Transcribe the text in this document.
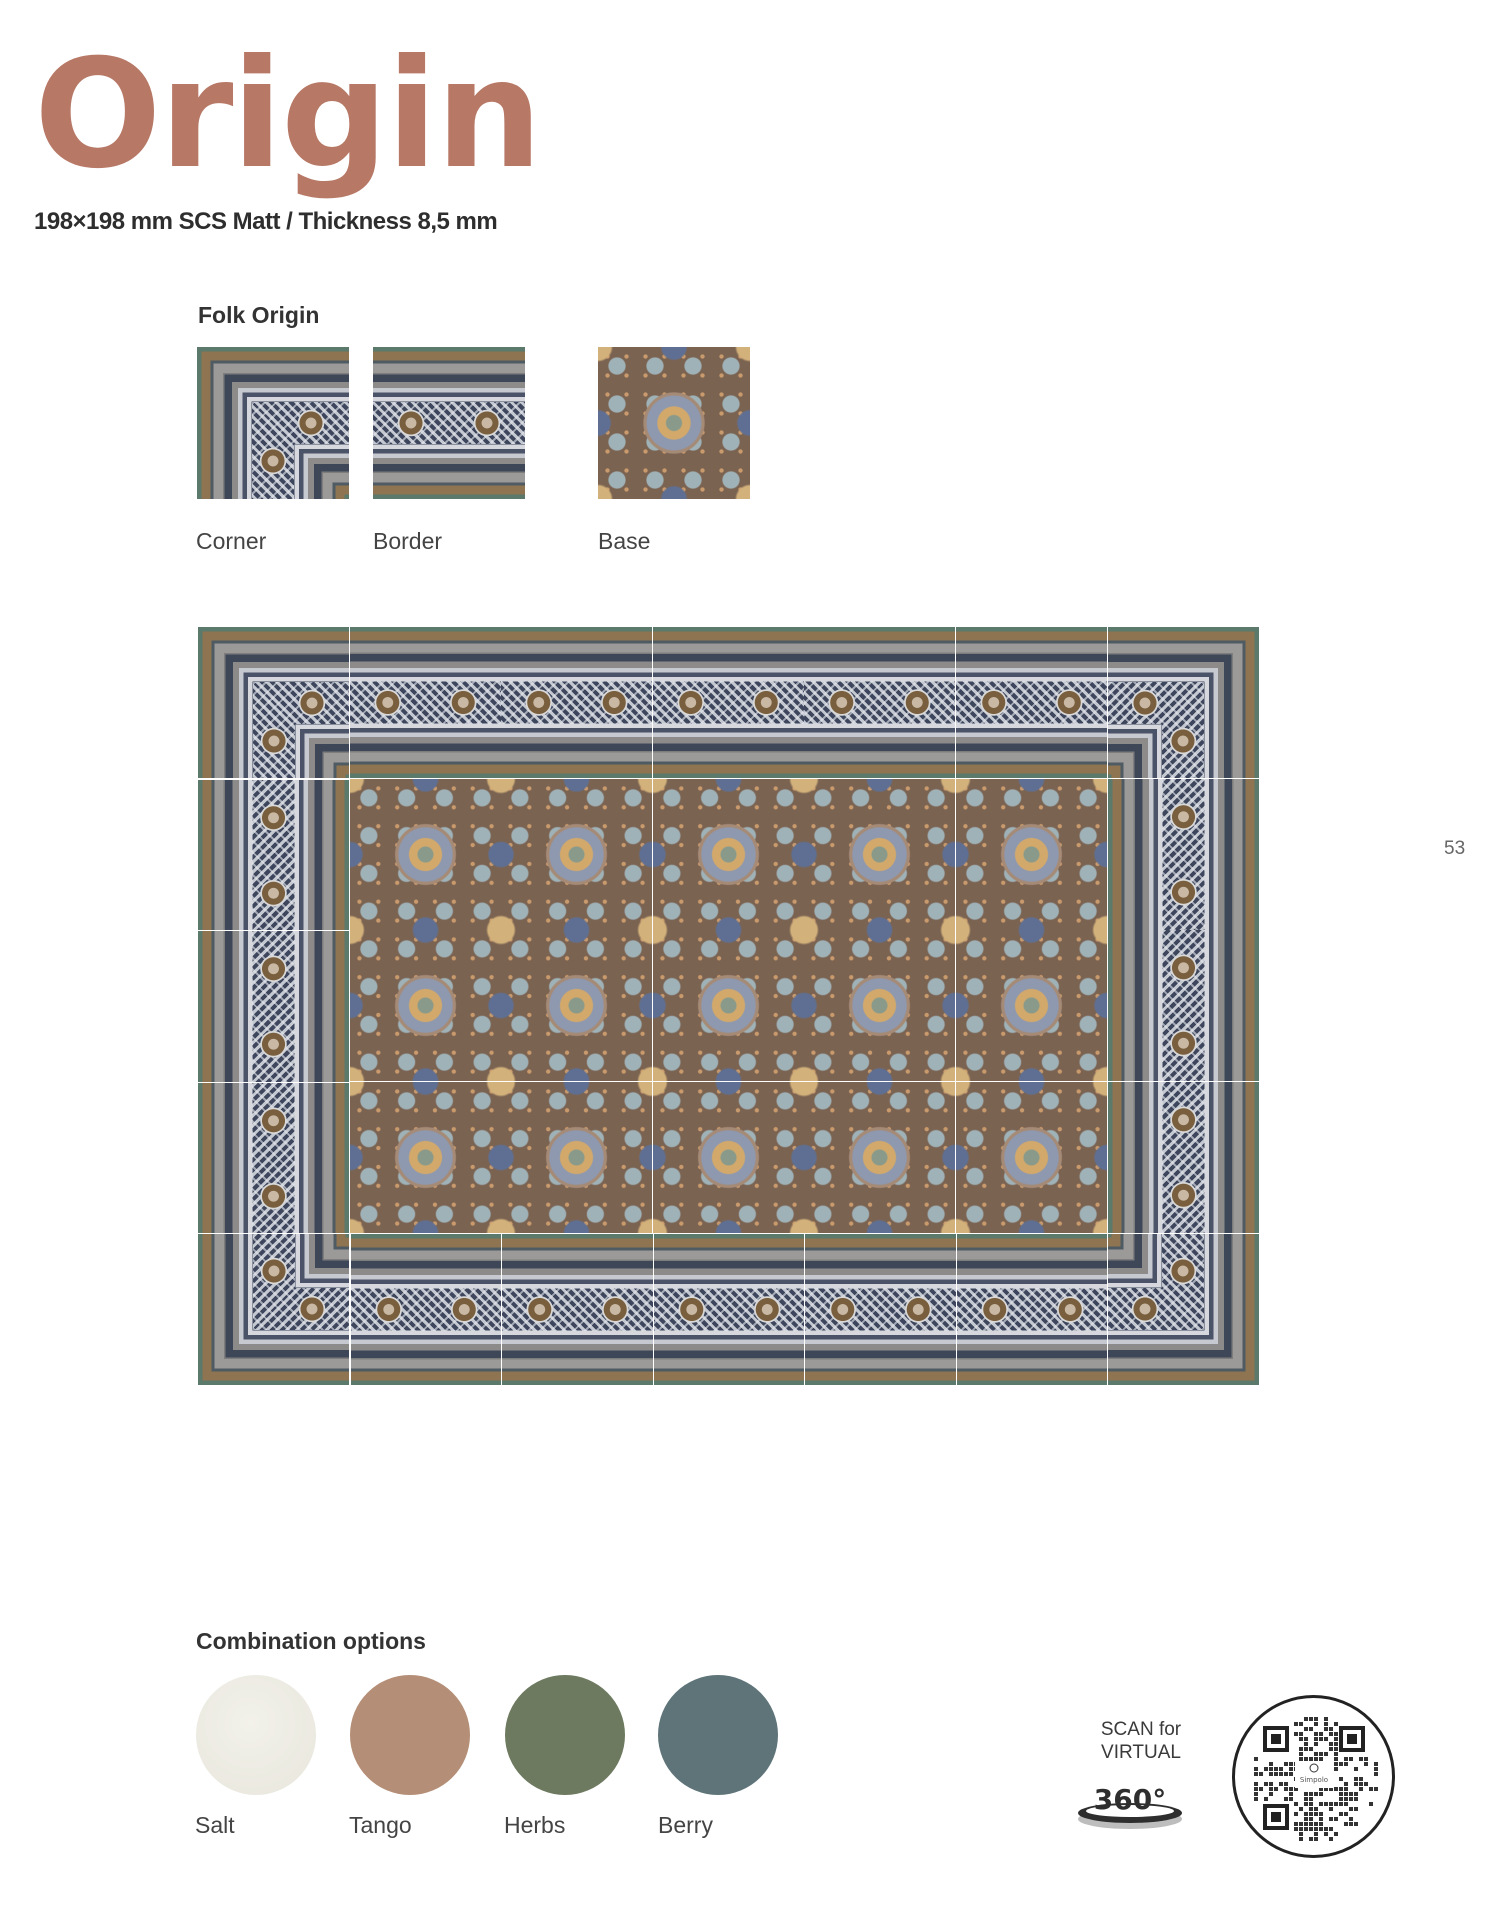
Origin
198×198 mm SCS Matt / Thickness 8,5 mm
Folk Origin
Corner	Border	Base
53
Combination options
Salt	Tango	Herbs	Berry
SCAN for
VIRTUAL
360°
Simpolo
